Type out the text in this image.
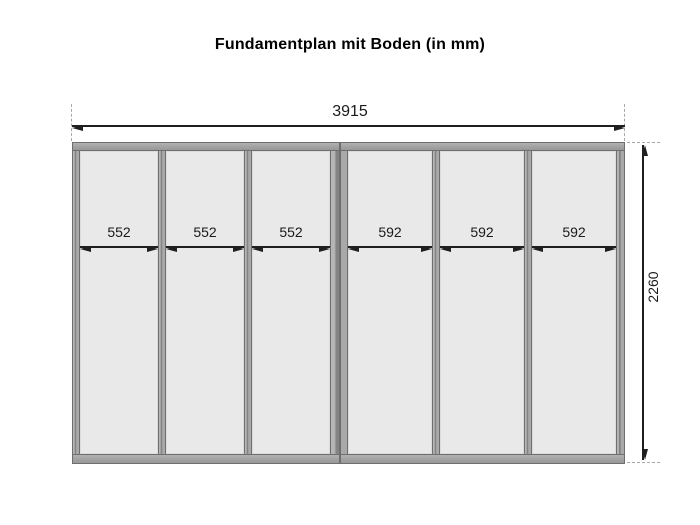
Fundamentplan mit Boden (in mm)
3915
2260
552	552	552	592	592	592
